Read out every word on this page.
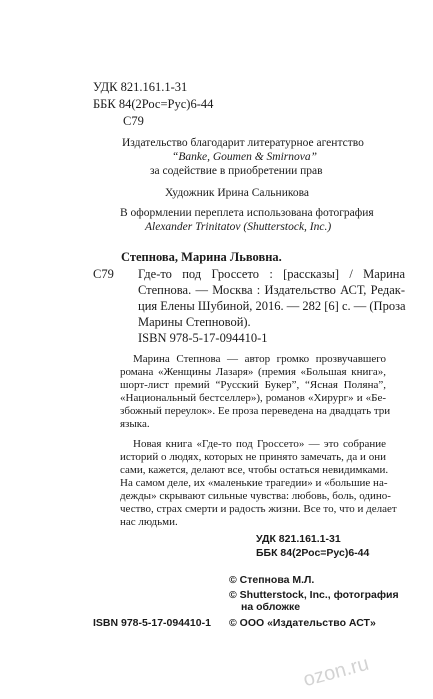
УДК 821.161.1-31
ББК 84(2Рос=Рус)6-44
С79
Издательство благодарит литературное агентство
“Banke, Goumen & Smirnova”
за содействие в приобретении прав
Художник Ирина Сальникова
В оформлении переплета использована фотография
Alexander Trinitatov (Shutterstock, Inc.)
Степнова, Марина Львовна.
С79 Где-то под Гроссето : [рассказы] / Марина
Степнова. — Москва : Издательство АСТ, Редак-
ция Елены Шубиной, 2016. — 282 [6] с. — (Проза
Марины Степновой).
ISBN 978-5-17-094410-1
Марина Степнова — автор громко прозвучавшего
романа «Женщины Лазаря» (премия «Большая книга»,
шорт-лист премий “Русский Букер”, “Ясная Поляна”,
«Национальный бестселлер»), романов «Хирург» и «Бе-
збожный переулок». Ее проза переведена на двадцать три
языка.
Новая книга «Где-то под Гроссето» — это собрание
историй о людях, которых не принято замечать, да и они
сами, кажется, делают все, чтобы остаться невидимками.
На самом деле, их «маленькие трагедии» и «большие на-
дежды» скрывают сильные чувства: любовь, боль, одино-
чество, страх смерти и радость жизни. Все то, что и делает
нас людьми.
УДК 821.161.1-31
ББК 84(2Рос=Рус)6-44
© Степнова М.Л.
© Shutterstock, Inc., фотография
на обложке
© ООО «Издательство АСТ»
ISBN 978-5-17-094410-1
ozon.ru
